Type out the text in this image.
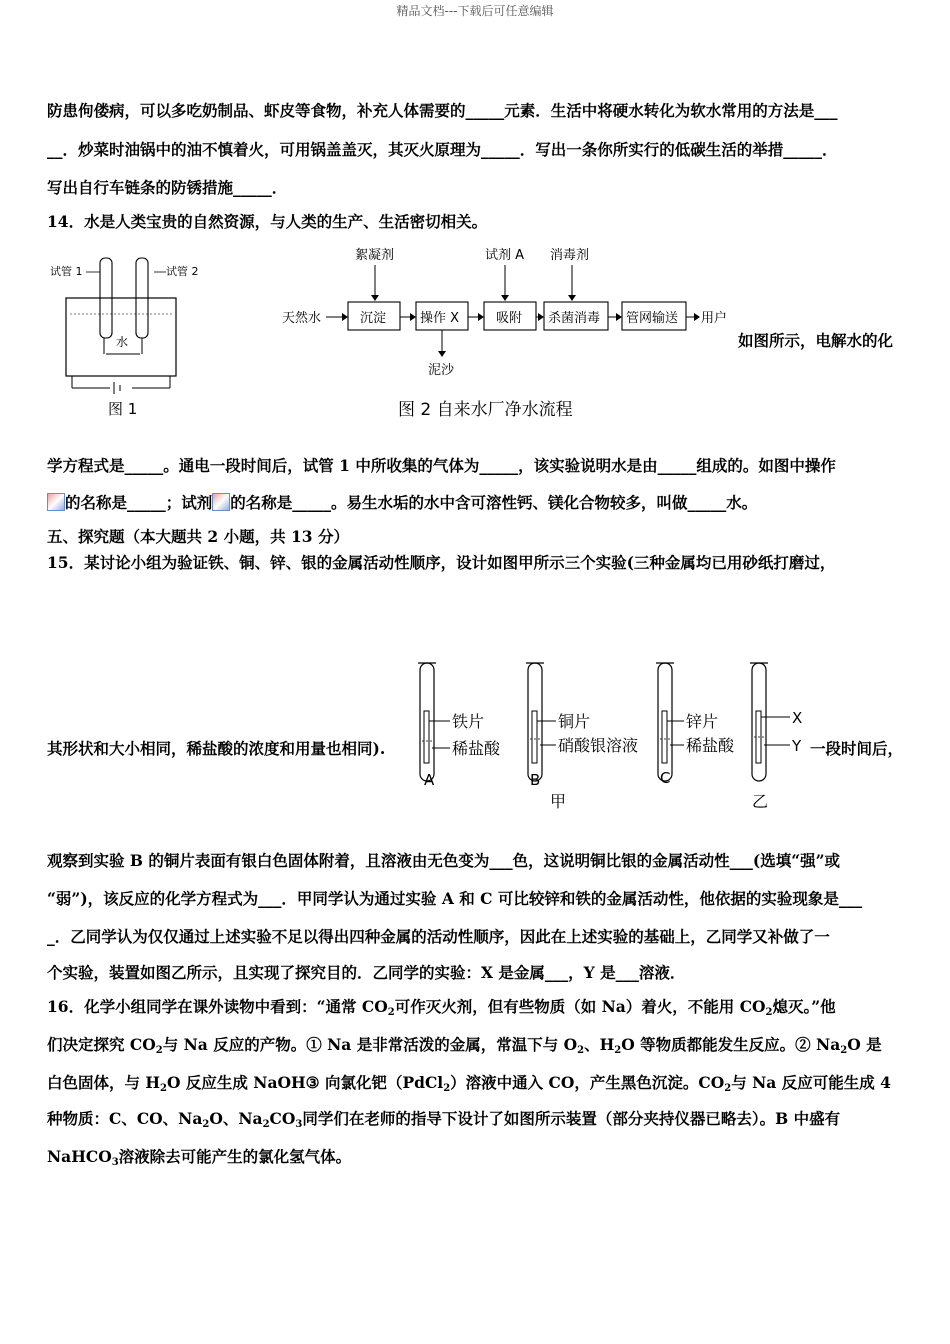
精品文档---下载后可任意编辑
防患佝偻病，可以多吃奶制品、虾皮等食物，补充人体需要的_____元素．生活中将硬水转化为软水常用的方法是___
__．炒菜时油锅中的油不慎着火，可用锅盖盖灭，其灭火原理为_____．写出一条你所实行的低碳生活的举措_____．
写出自行车链条的防锈措施_____．
14．水是人类宝贵的自然资源，与人类的生产、生活密切相关。
试管 1	试管 2
水
图 1
絮凝剂	试剂 A 消毒剂
天然水	沉淀	操作 X	吸附 杀菌消毒 管网输送 用户
泥沙
图 2 自来水厂净水流程
如图所示，电解水的化
学方程式是_____。通电一段时间后，试管 1 中所收集的气体为_____，该实验说明水是由_____组成的。如图中操作
的名称是_____；试剂 的名称是_____。易生水垢的水中含可溶性钙、镁化合物较多，叫做_____水。
五、探究题（本大题共 2 小题，共 13 分）
15．某讨论小组为验证铁、铜、锌、银的金属活动性顺序，设计如图甲所示三个实验(三种金属均已用砂纸打磨过，
铁片
稀盐酸
A
铜片
硝酸银溶液
B
锌片
稀盐酸
C
X
Y
甲	乙
其形状和大小相同，稀盐酸的浓度和用量也相同).	一段时间后，
观察到实验 B 的铜片表面有银白色固体附着，且溶液由无色变为___色，这说明铜比银的金属活动性___(选填“强”或
“弱”)，该反应的化学方程式为___．甲同学认为通过实验 A 和 C 可比较锌和铁的金属活动性，他依据的实验现象是___
_．乙同学认为仅仅通过上述实验不足以得出四种金属的活动性顺序，因此在上述实验的基础上，乙同学又补做了一
个实验，装置如图乙所示，且实现了探究目的．乙同学的实验：X 是金属___，Y 是___溶液．
16．化学小组同学在课外读物中看到：“通常 $CO_2$可作灭火剂，但有些物质（如 Na）着火，不能用 $CO_2$熄灭。”他
们决定探究 $CO_2$与 Na 反应的产物。① Na 是非常活泼的金属，常温下与 $O_2$、$H_2O$ 等物质都能发生反应。② $Na_2O$ 是
白色固体，与 $H_2O$ 反应生成 NaOH③ 向氯化钯（PdCl$_2$）溶液中通入 CO，产生黑色沉淀。$CO_2$与 Na 反应可能生成 4
种物质：C、CO、$Na_2O$、$Na_2CO_3$同学们在老师的指导下设计了如图所示装置（部分夹持仪器已略去）。B 中盛有
NaHCO$_3$溶液除去可能产生的氯化氢气体。
